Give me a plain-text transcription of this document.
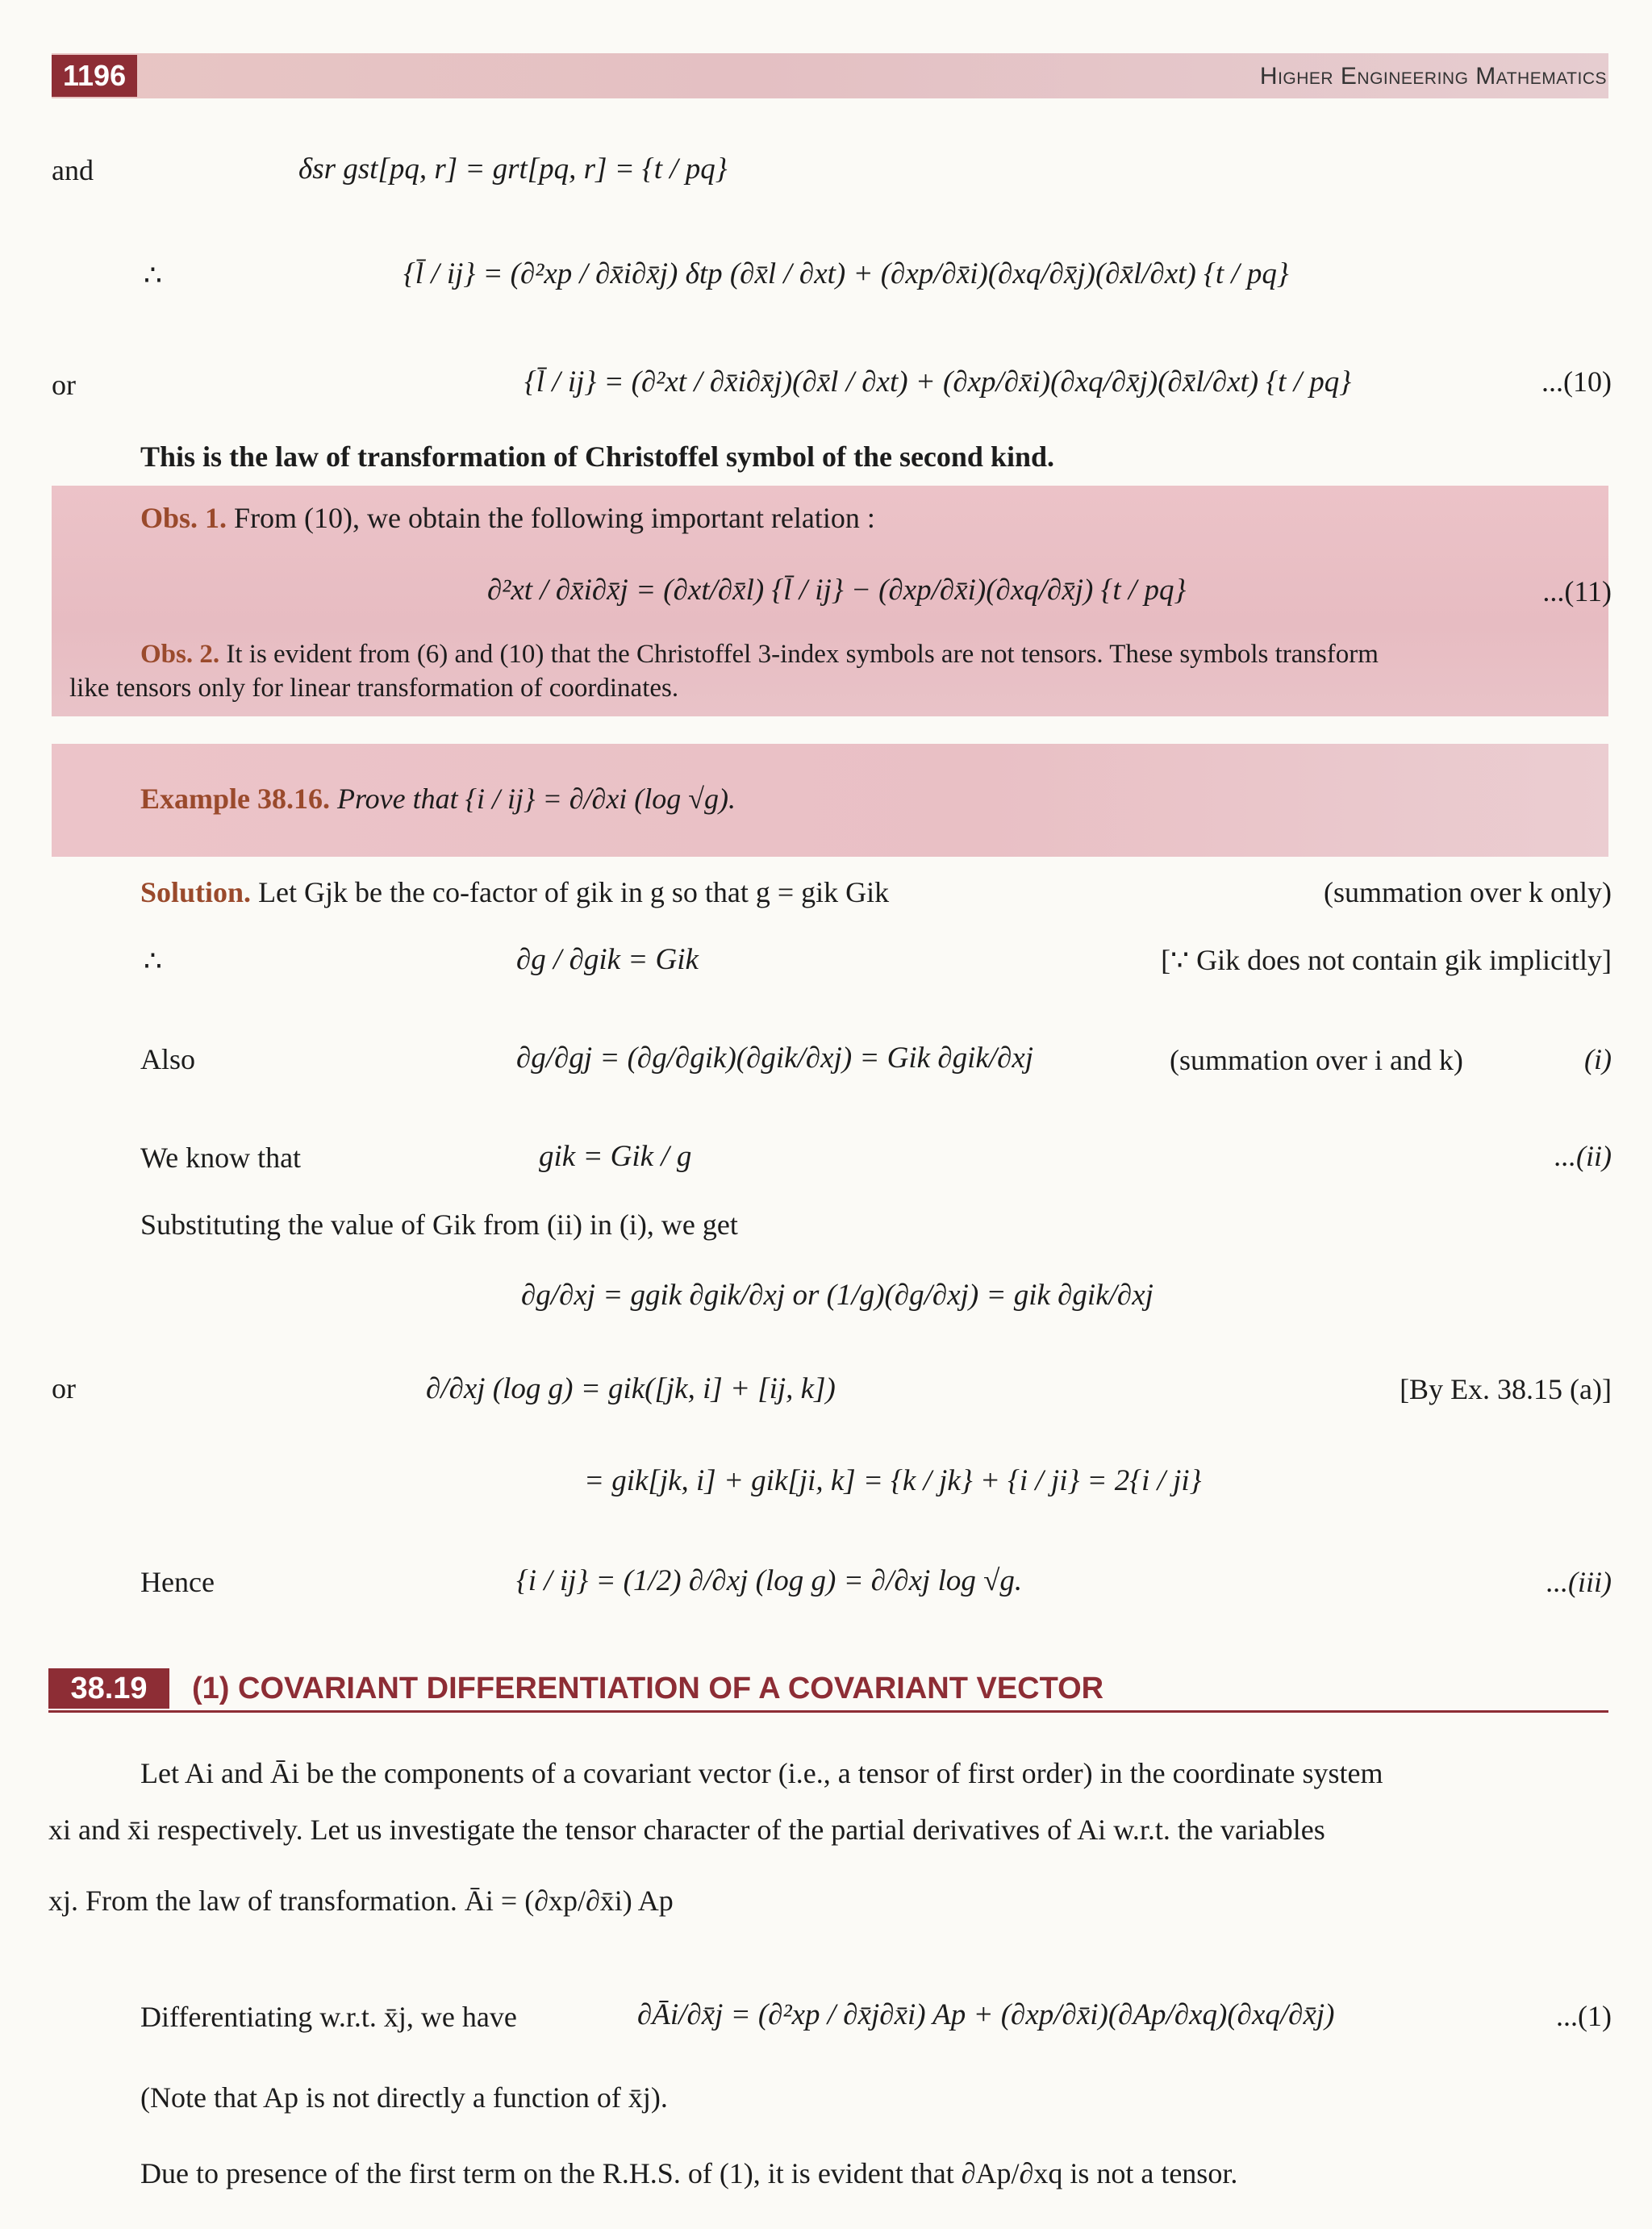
1196	Higher Engineering Mathematics
and	δsr gst[pq, r] = grt[pq, r] = {t / pq}
∴	{l̄ / ij} = (∂²xp / ∂x̄i∂x̄j) δtp (∂x̄l / ∂xt) + (∂xp/∂x̄i)(∂xq/∂x̄j)(∂x̄l/∂xt) {t / pq}
or	{l̄ / ij} = (∂²xt / ∂x̄i∂x̄j)(∂x̄l / ∂xt) + (∂xp/∂x̄i)(∂xq/∂x̄j)(∂x̄l/∂xt) {t / pq}	...(10)
This is the law of transformation of Christoffel symbol of the second kind.
Obs. 1. From (10), we obtain the following important relation :
∂²xt / ∂x̄i∂x̄j = (∂xt/∂x̄l) {l̄ / ij} − (∂xp/∂x̄i)(∂xq/∂x̄j) {t / pq}	...(11)
Obs. 2. It is evident from (6) and (10) that the Christoffel 3-index symbols are not tensors. These symbols transform
like tensors only for linear transformation of coordinates.
Example 38.16. Prove that {i / ij} = ∂/∂xi (log √g).
Solution. Let Gjk be the co-factor of gik in g so that g = gik Gik	(summation over k only)
∴	∂g / ∂gik = Gik	[∵ Gik does not contain gik implicitly]
Also	∂g/∂gj = (∂g/∂gik)(∂gik/∂xj) = Gik ∂gik/∂xj	(summation over i and k)	(i)
We know that	gik = Gik / g	...(ii)
Substituting the value of Gik from (ii) in (i), we get
∂g/∂xj = ggik ∂gik/∂xj or (1/g)(∂g/∂xj) = gik ∂gik/∂xj
or	∂/∂xj (log g) = gik([jk, i] + [ij, k])	[By Ex. 38.15 (a)]
= gik[jk, i] + gik[ji, k] = {k / jk} + {i / ji} = 2{i / ji}
Hence	{i / ij} = (1/2) ∂/∂xj (log g) = ∂/∂xj log √g.	...(iii)
38.19	(1) COVARIANT DIFFERENTIATION OF A COVARIANT VECTOR
Let Ai and Āi be the components of a covariant vector (i.e., a tensor of first order) in the coordinate system
xi and x̄i respectively. Let us investigate the tensor character of the partial derivatives of Ai w.r.t. the variables
xj. From the law of transformation. Āi = (∂xp/∂x̄i) Ap
Differentiating w.r.t. x̄j, we have	∂Āi/∂x̄j = (∂²xp / ∂x̄j∂x̄i) Ap + (∂xp/∂x̄i)(∂Ap/∂xq)(∂xq/∂x̄j)	...(1)
(Note that Ap is not directly a function of x̄j).
Due to presence of the first term on the R.H.S. of (1), it is evident that ∂Ap/∂xq is not a tensor.
